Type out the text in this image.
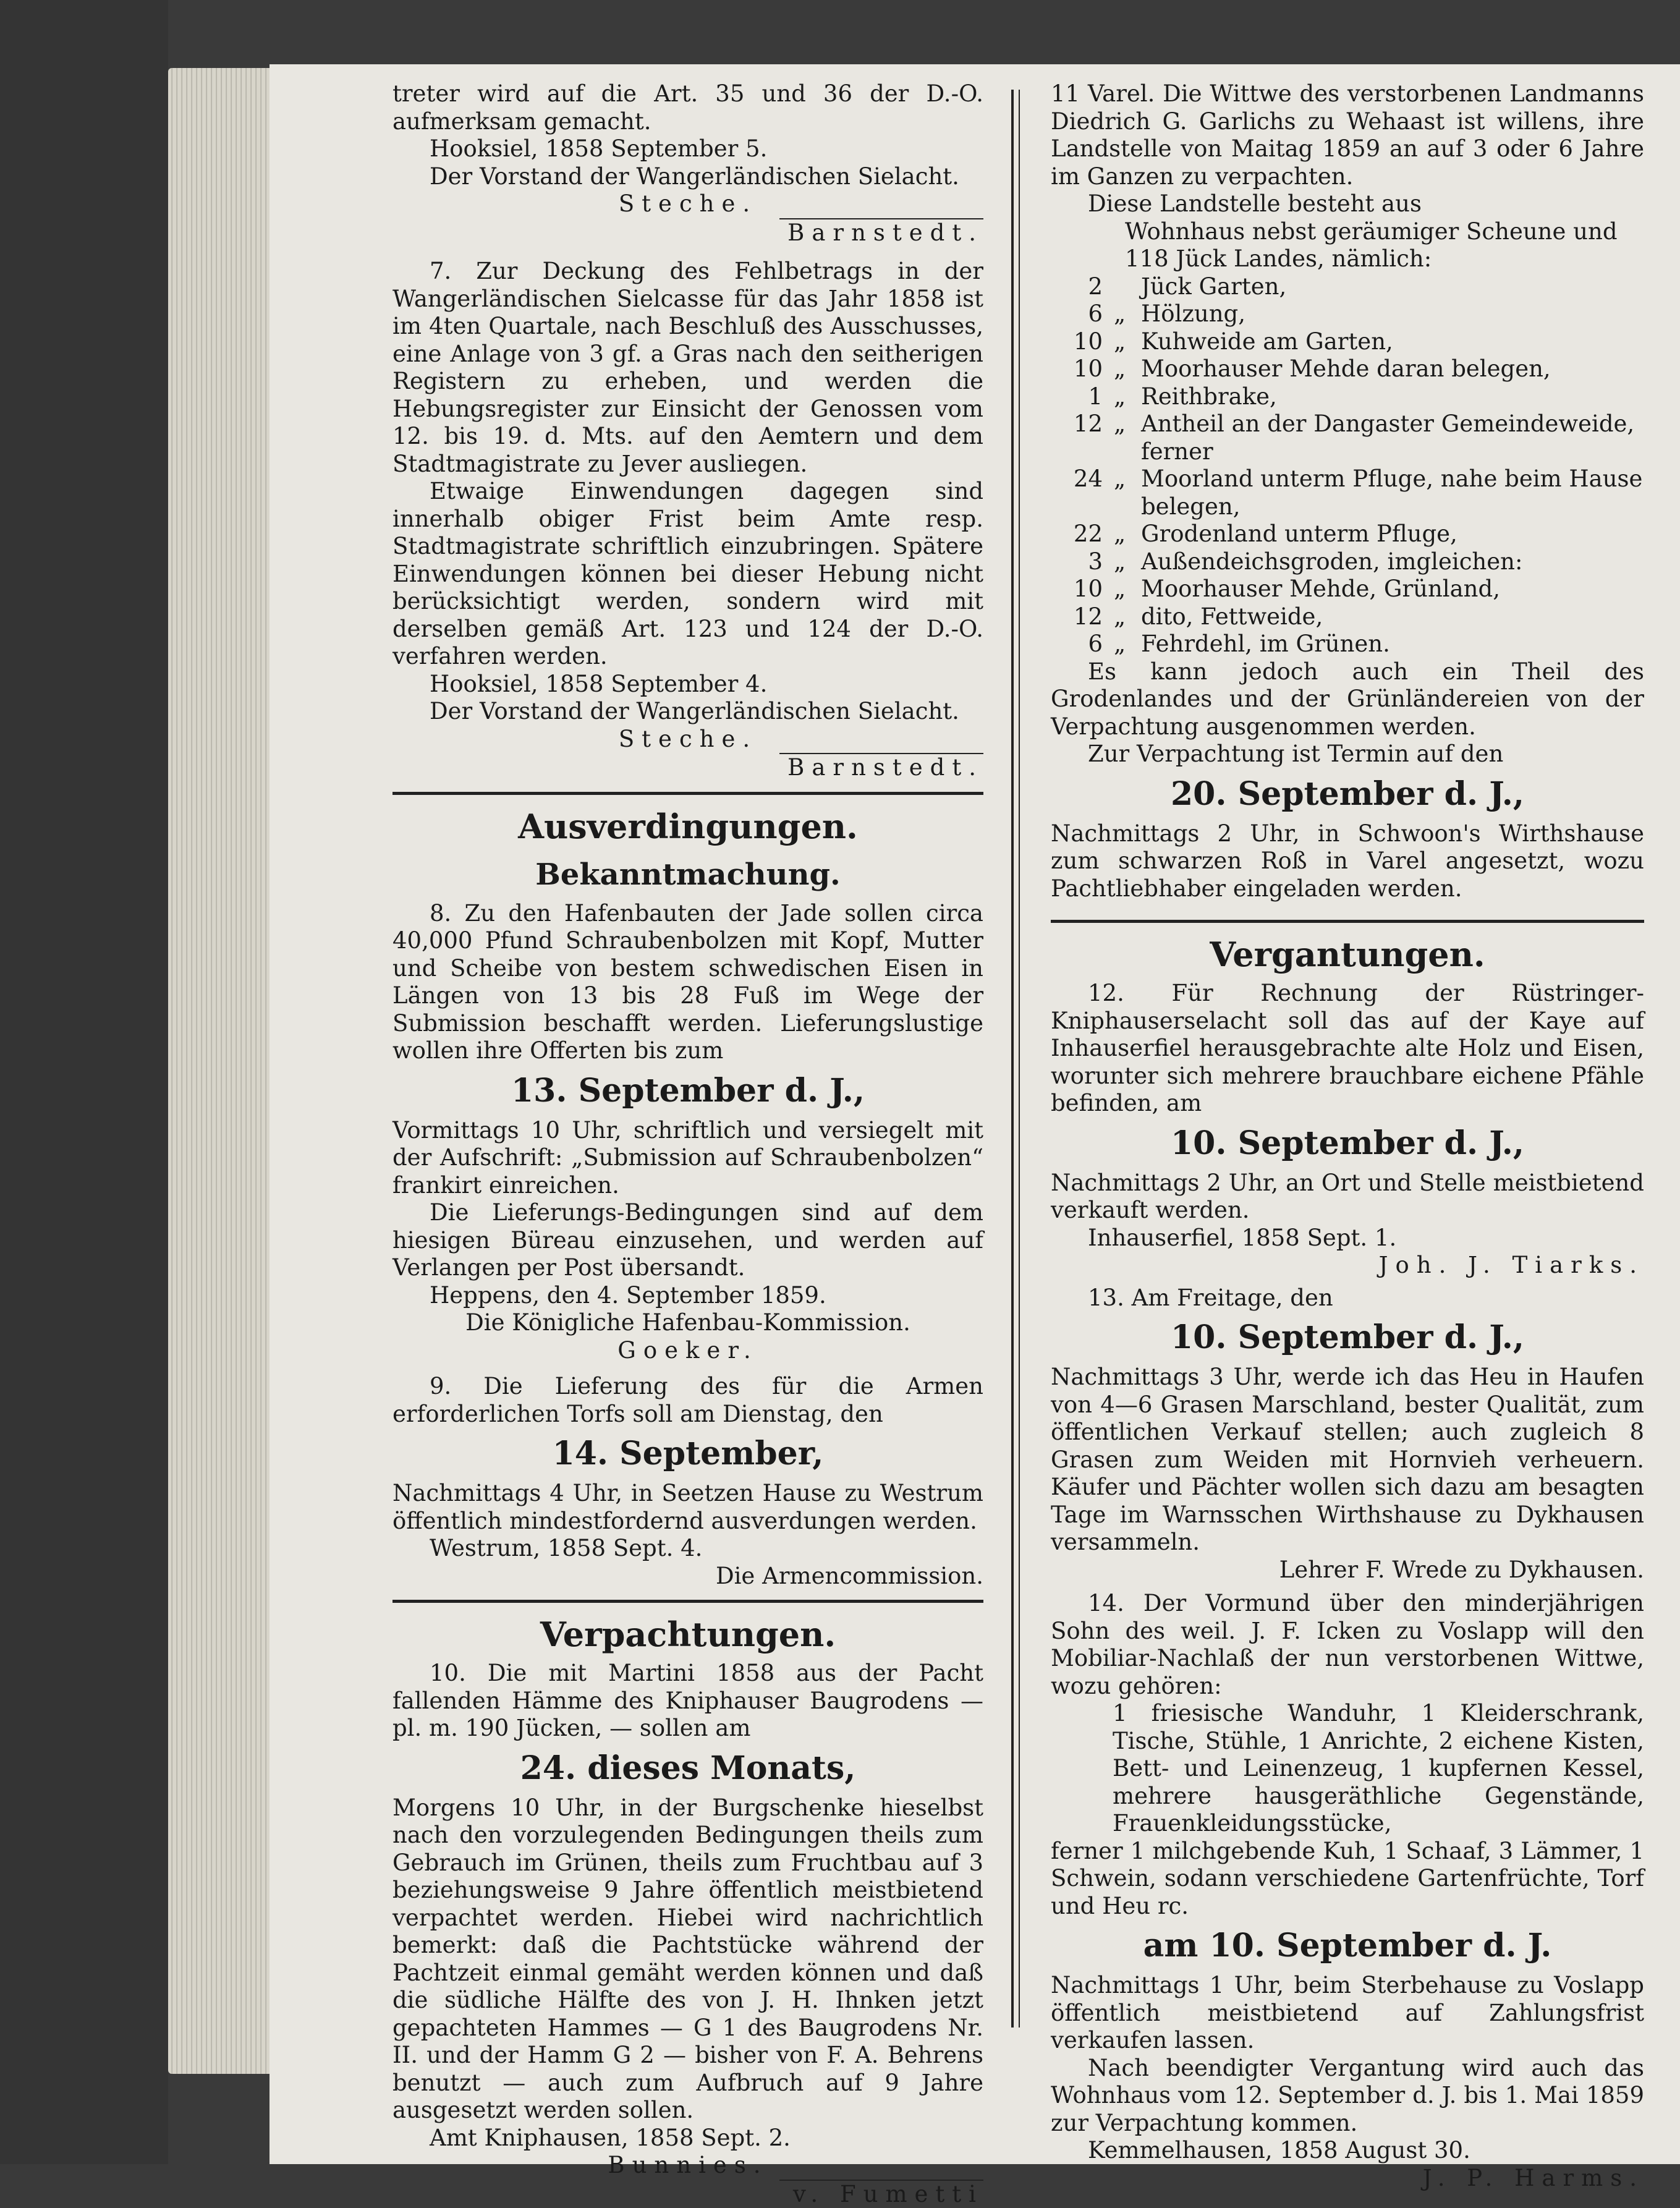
treter wird auf die Art. 35 und 36 der D.-O. aufmerksam gemacht.

Hooksiel, 1858 September 5.

Der Vorstand der Wangerländischen Sielacht.

Steche.

Barnstedt.

7. Zur Deckung des Fehlbetrags in der Wangerländischen Sielcasse für das Jahr 1858 ist im 4ten Quartale, nach Beschluß des Ausschusses, eine Anlage von 3 gf. a Gras nach den seitherigen Registern zu erheben, und werden die Hebungsregister zur Einsicht der Genossen vom 12. bis 19. d. Mts. auf den Aemtern und dem Stadtmagistrate zu Jever ausliegen.

Etwaige Einwendungen dagegen sind innerhalb obiger Frist beim Amte resp. Stadtmagistrate schriftlich einzubringen. Spätere Einwendungen können bei dieser Hebung nicht berücksichtigt werden, sondern wird mit derselben gemäß Art. 123 und 124 der D.-O. verfahren werden.

Hooksiel, 1858 September 4.

Der Vorstand der Wangerländischen Sielacht.

Steche.

Barnstedt.

Ausverdingungen.
Bekanntmachung.

8. Zu den Hafenbauten der Jade sollen circa 40,000 Pfund Schraubenbolzen mit Kopf, Mutter und Scheibe von bestem schwedischen Eisen in Längen von 13 bis 28 Fuß im Wege der Submission beschafft werden. Lieferungslustige wollen ihre Offerten bis zum

13. September d. J.,

Vormittags 10 Uhr, schriftlich und versiegelt mit der Aufschrift: „Submission auf Schraubenbolzen“ frankirt einreichen.

Die Lieferungs-Bedingungen sind auf dem hiesigen Büreau einzusehen, und werden auf Verlangen per Post übersandt.

Heppens, den 4. September 1859.

Die Königliche Hafenbau-Kommission.

Goeker.

9. Die Lieferung des für die Armen erforderlichen Torfs soll am Dienstag, den

14. September,

Nachmittags 4 Uhr, in Seetzen Hause zu Westrum öffentlich mindestfordernd ausverdungen werden.

Westrum, 1858 Sept. 4.

Die Armencommission.

Verpachtungen.

10. Die mit Martini 1858 aus der Pacht fallenden Hämme des Kniphauser Baugrodens — pl. m. 190 Jücken, — sollen am

24. dieses Monats,

Morgens 10 Uhr, in der Burgschenke hieselbst nach den vorzulegenden Bedingungen theils zum Gebrauch im Grünen, theils zum Fruchtbau auf 3 beziehungsweise 9 Jahre öffentlich meistbietend verpachtet werden. Hiebei wird nachrichtlich bemerkt: daß die Pachtstücke während der Pachtzeit einmal gemäht werden können und daß die südliche Hälfte des von J. H. Ihnken jetzt gepachteten Hammes — G 1 des Baugrodens Nr. II. und der Hamm G 2 — bisher von F. A. Behrens benutzt — auch zum Aufbruch auf 9 Jahre ausgesetzt werden sollen.

Amt Kniphausen, 1858 Sept. 2.

Bunnies.

v. Fumetti

11 Varel. Die Wittwe des verstorbenen Landmanns Diedrich G. Garlichs zu Wehaast ist willens, ihre Landstelle von Maitag 1859 an auf 3 oder 6 Jahre im Ganzen zu verpachten.

Diese Landstelle besteht aus

Wohnhaus nebst geräumiger Scheune und

118 Jück Landes, nämlich:

2	Jück Garten,
6 „ Hölzung,
10 „ Kuhweide am Garten,
10 „ Moorhauser Mehde daran belegen,
1 „ Reithbrake,
12 „ Antheil an der Dangaster Gemeindeweide, ferner
24 „ Moorland unterm Pfluge, nahe beim Hause belegen,
22 „ Grodenland unterm Pfluge,
3 „ Außendeichsgroden, imgleichen:
10 „ Moorhauser Mehde, Grünland,
12 „ dito, Fettweide,
6 „ Fehrdehl, im Grünen.

Es kann jedoch auch ein Theil des Grodenlandes und der Grünländereien von der Verpachtung ausgenommen werden.

Zur Verpachtung ist Termin auf den

20. September d. J.,

Nachmittags 2 Uhr, in Schwoon's Wirthshause zum schwarzen Roß in Varel angesetzt, wozu Pachtliebhaber eingeladen werden.

Vergantungen.

12. Für Rechnung der Rüstringer-Kniphauserselacht soll das auf der Kaye auf Inhauserfiel herausgebrachte alte Holz und Eisen, worunter sich mehrere brauchbare eichene Pfähle befinden, am

10. September d. J.,

Nachmittags 2 Uhr, an Ort und Stelle meistbietend verkauft werden.

Inhauserfiel, 1858 Sept. 1.

Joh. J. Tiarks.

13. Am Freitage, den

10. September d. J.,

Nachmittags 3 Uhr, werde ich das Heu in Haufen von 4—6 Grasen Marschland, bester Qualität, zum öffentlichen Verkauf stellen; auch zugleich 8 Grasen zum Weiden mit Hornvieh verheuern. Käufer und Pächter wollen sich dazu am besagten Tage im Warnsschen Wirthshause zu Dykhausen versammeln.

Lehrer F. Wrede zu Dykhausen.

14. Der Vormund über den minderjährigen Sohn des weil. J. F. Icken zu Voslapp will den Mobiliar-Nachlaß der nun verstorbenen Wittwe, wozu gehören:

1 friesische Wanduhr, 1 Kleiderschrank, Tische, Stühle, 1 Anrichte, 2 eichene Kisten, Bett- und Leinenzeug, 1 kupfernen Kessel, mehrere hausgeräthliche Gegenstände, Frauenkleidungsstücke,

ferner 1 milchgebende Kuh, 1 Schaaf, 3 Lämmer, 1 Schwein, sodann verschiedene Gartenfrüchte, Torf und Heu rc.

am 10. September d. J.

Nachmittags 1 Uhr, beim Sterbehause zu Voslapp öffentlich meistbietend auf Zahlungsfrist verkaufen lassen.

Nach beendigter Vergantung wird auch das Wohnhaus vom 12. September d. J. bis 1. Mai 1859 zur Verpachtung kommen.

Kemmelhausen, 1858 August 30.

J. P. Harms.
